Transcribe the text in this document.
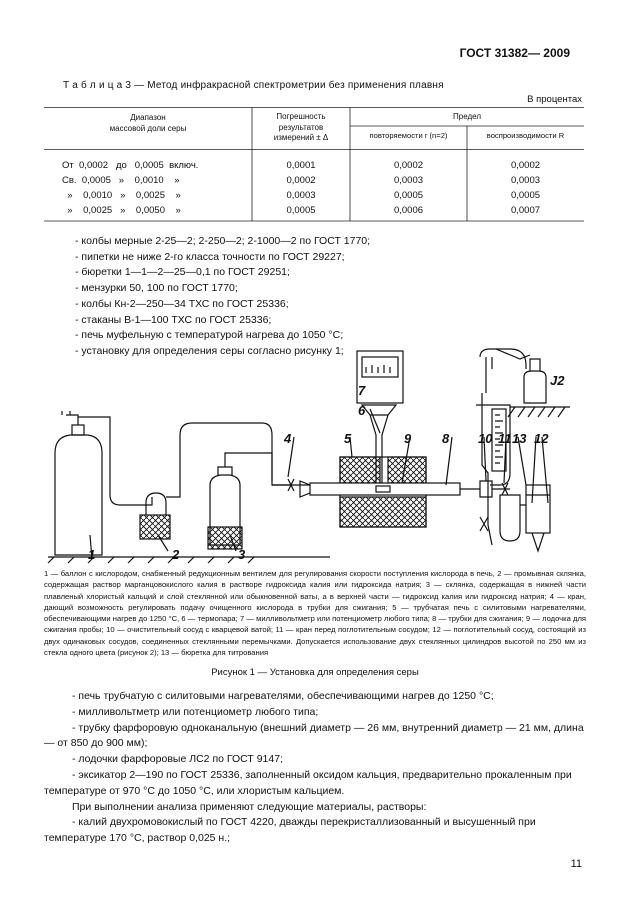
ГОСТ 31382— 2009
Т а б л и ц а 3 — Метод инфракрасной спектрометрии без применения плавня
В процентах
Диапазон
массовой доли серы
Погрешность
результатов
измерений ± Δ
Предел
повторяемости r (n=2)	воспроизводимости R
От  0,0002   до   0,0005  включ.	0,0001	0,0002	0,0002
Св.  0,0005   »    0,0010    »	0,0002	0,0003	0,0003
»    0,0010   »    0,0025    »	0,0003	0,0005	0,0005
»    0,0025   »    0,0050    »	0,0005	0,0006	0,0007
- колбы мерные 2-25—2; 2-250—2; 2-1000—2 по ГОСТ 1770;
- пипетки не ниже 2-го класса точности по ГОСТ 29227;
- бюретки 1—1—2—25—0,1 по ГОСТ 29251;
- мензурки 50, 100 по ГОСТ 1770;
- колбы Кн-2—250—34 ТХС по ГОСТ 25336;
- стаканы В-1—100 ТХС по ГОСТ 25336;
- печь муфельную с температурой нагрева до 1050 °С;
- установку для определения серы согласно рисунку 1;
1	2	3
4	5
6
7
8
9	10 11 12
13
J2
1 — баллон с кислородом, снабженный редукционным вентилем для регулирования скорости поступления кислорода в печь, 2 — промывная склянка, содержащая раствор марганцовокислого калия в растворе гидроксида калия или гидроксида натрия; 3 — склянка, содержащая в нижней части плавленый хлористый кальций и слой стеклянной или обыкновенной ваты, а в верхней части — гидроксид калия или гидроксид натрия; 4 — кран, дающий возможность регулировать подачу очищенного кислорода в трубки для сжигания; 5 — трубчатая печь с силитовыми нагревателями, обеспечивающими нагрев до 1250 °С, 6 — термопара; 7 — милливольтметр или потенциометр любого типа; 8 — трубки для сжигания; 9 — лодочка для сжигания пробы; 10 — очистительный сосуд с кварцевой ватой; 11 — кран перед поглотительным сосудом; 12 — поглотительный сосуд, состоящий из двух одинаковых сосудов, соединенных стеклянными перемычками. Допускается использование двух стеклянных цилиндров высотой по 250 мм из стекла одного цвета (рисунок 2); 13 — бюретка для титрования
Рисунок 1 — Установка для определения серы
- печь трубчатую с силитовыми нагревателями, обеспечивающими нагрев до 1250 °С;
- милливольтметр или потенциометр любого типа;
- трубку фарфоровую одноканальную (внешний диаметр — 26 мм, внутренний диаметр — 21 мм, длина — от 850 до 900 мм);
- лодочки фарфоровые ЛС2 по ГОСТ 9147;
- эксикатор 2—190 по ГОСТ 25336, заполненный оксидом кальция, предварительно прокаленным при температуре от 970 °С до 1050 °С, или хлористым кальцием.
При выполнении анализа применяют следующие материалы, растворы:
- калий двухромовокислый по ГОСТ 4220, дважды перекристаллизованный и высушенный при температуре 170 °С, раствор 0,025 н.;
11
